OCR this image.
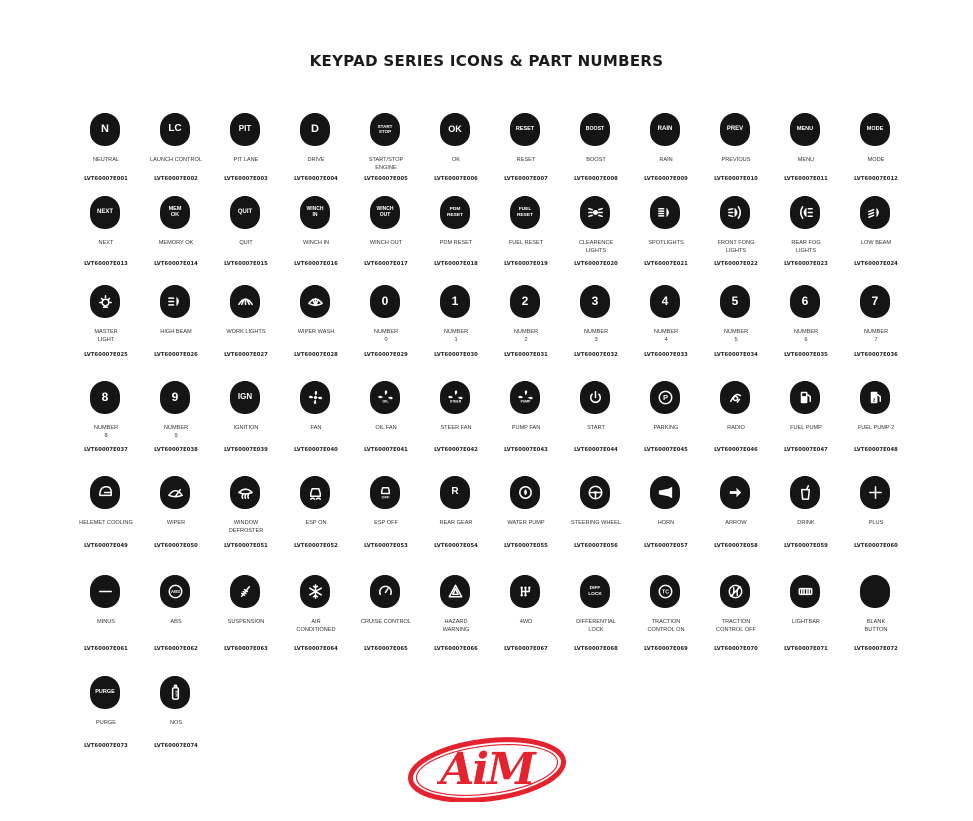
KEYPAD SERIES ICONS & PART NUMBERS
N
NEUTRAL
LVT60007E001
LC
LAUNCH CONTROL
LVT60007E002
PIT
PIT LANE
LVT60007E003
D
DRIVE
LVT60007E004
START
STOP
START/STOP
ENGINE
LVT60007E005
OK
OK
LVT60007E006
RESET
RESET
LVT60007E007
BOOST
BOOST
LVT60007E008
RAIN
RAIN
LVT60007E009
PREV
PREVIOUS
LVT60007E010
MENU
MENU
LVT60007E011
MODE
MODE
LVT60007E012
NEXT
NEXT
LVT60007E013
MEM
OK
MEMORY OK
LVT60007E014
QUIT
QUIT
LVT60007E015
WINCH
IN
WINCH IN
LVT60007E016
WINCH
OUT
WINCH OUT
LVT60007E017
PDM
RESET
PDM RESET
LVT60007E018
FUEL
RESET
FUEL RESET
LVT60007E019
CLEARENCE
LIGHTS
LVT60007E020
SPOTLIGHTS
LVT60007E021
FRONT FONG
LIGHTS
LVT60007E022
REAR FOG
LIGHTS
LVT60007E023
LOW BEAM
LVT60007E024
MASTER
LIGHT
LVT60007E025
HIGH BEAM
LVT60007E026
WORK LIGHTS
LVT60007E027
WIPER WASH
LVT60007E028
0
NUMBER
0
LVT60007E029
1
NUMBER
1
LVT60007E030
2
NUMBER
2
LVT60007E031
3
NUMBER
3
LVT60007E032
4
NUMBER
4
LVT60007E033
5
NUMBER
5
LVT60007E034
6
NUMBER
6
LVT60007E035
7
NUMBER
7
LVT60007E036
8
NUMBER
8
LVT60007E037
9
NUMBER
9
LVT60007E038
IGN
IGNITION
LVT60007E039
FAN
LVT60007E040
OIL
OIL FAN
LVT60007E041
STEER
STEER FAN
LVT60007E042
PUMP
PUMP FAN
LVT60007E043
START
LVT60007E044
P
PARKING
LVT60007E045
RADIO
LVT60007E046
FUEL PUMP
LVT60007E047
2
FUEL PUMP 2
LVT60007E048
HELEMET COOLING
LVT60007E049
WIPER
LVT60007E050
WINDOW
DEFROSTER
LVT60007E051
ESP ON
LVT60007E052
OFF
ESP OFF
LVT60007E053
R
REAR GEAR
LVT60007E054
WATER PUMP
LVT60007E055
STEERING WHEEL
LVT60007E056
HORN
LVT60007E057
ARROW
LVT60007E058
DRINK
LVT60007E059
PLUS
LVT60007E060
MINUS
LVT60007E061
ABS
ABS
LVT60007E062
SUSPENSION
LVT60007E063
AIR
CONDITIONED
LVT60007E064
CRUISE CONTROL
LVT60007E065
HAZARD
WARNING
LVT60007E066
4WD
LVT60007E067
DIFF
LOCK
DIFFERENTIAL
LOCK
LVT60007E068
TC
TRACTION
CONTROL ON
LVT60007E069
TRACTION
CONTROL OFF
LVT60007E070
LIGHTBAR
LVT60007E071
BLANK
BUTTON
LVT60007E072
PURGE
PURGE
LVT60007E073
NOS
NOS
LVT60007E074	AiM
